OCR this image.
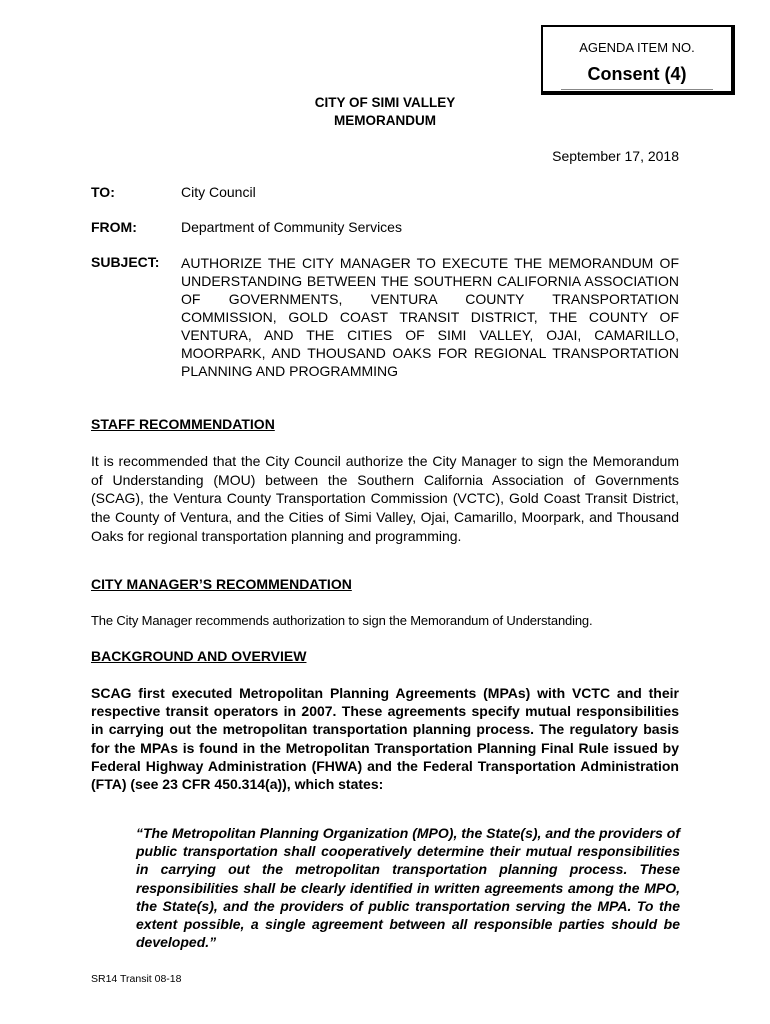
AGENDA ITEM NO.
Consent (4)
CITY OF SIMI VALLEY
MEMORANDUM
September 17, 2018
TO:	City Council
FROM:	Department of Community Services
SUBJECT: AUTHORIZE THE CITY MANAGER TO EXECUTE THE MEMORANDUM OF UNDERSTANDING BETWEEN THE SOUTHERN CALIFORNIA ASSOCIATION OF GOVERNMENTS, VENTURA COUNTY TRANSPORTATION COMMISSION, GOLD COAST TRANSIT DISTRICT, THE COUNTY OF VENTURA, AND THE CITIES OF SIMI VALLEY, OJAI, CAMARILLO, MOORPARK, AND THOUSAND OAKS FOR REGIONAL TRANSPORTATION PLANNING AND PROGRAMMING
STAFF RECOMMENDATION
It is recommended that the City Council authorize the City Manager to sign the Memorandum of Understanding (MOU) between the Southern California Association of Governments (SCAG), the Ventura County Transportation Commission (VCTC), Gold Coast Transit District, the County of Ventura, and the Cities of Simi Valley, Ojai, Camarillo, Moorpark, and Thousand Oaks for regional transportation planning and programming.
CITY MANAGER’S RECOMMENDATION
The City Manager recommends authorization to sign the Memorandum of Understanding.
BACKGROUND AND OVERVIEW
SCAG first executed Metropolitan Planning Agreements (MPAs) with VCTC and their respective transit operators in 2007. These agreements specify mutual responsibilities in carrying out the metropolitan transportation planning process. The regulatory basis for the MPAs is found in the Metropolitan Transportation Planning Final Rule issued by Federal Highway Administration (FHWA) and the Federal Transportation Administration (FTA) (see 23 CFR 450.314(a)), which states:
“The Metropolitan Planning Organization (MPO), the State(s), and the providers of public transportation shall cooperatively determine their mutual responsibilities in carrying out the metropolitan transportation planning process. These responsibilities shall be clearly identified in written agreements among the MPO, the State(s), and the providers of public transportation serving the MPA. To the extent possible, a single agreement between all responsible parties should be developed.”
SR14 Transit 08-18
